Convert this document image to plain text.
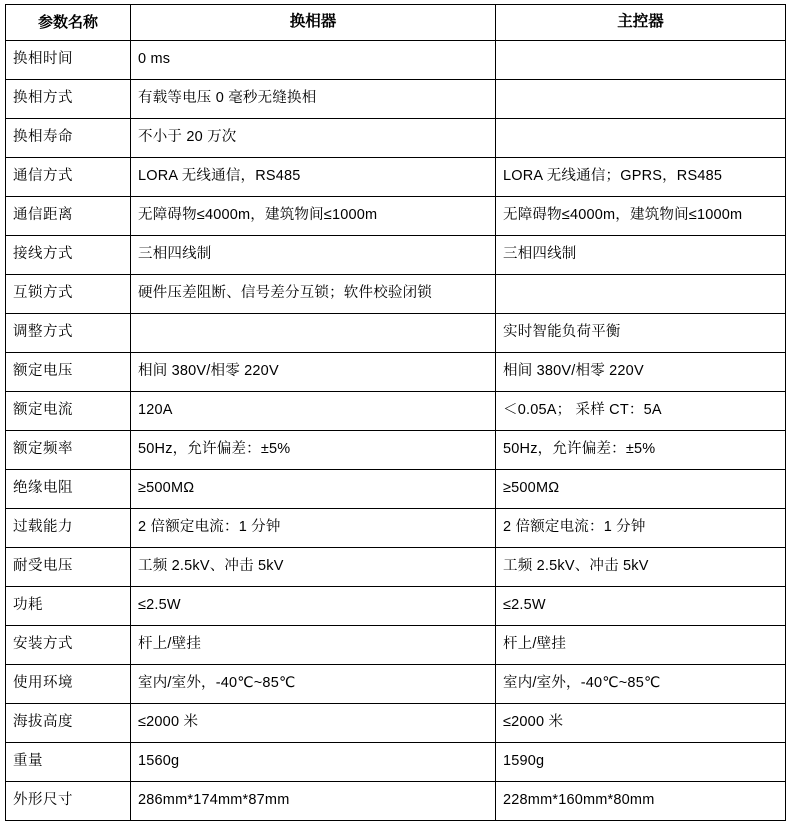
参数名称	换相器	主控器
换相时间	0 ms	
换相方式	有载等电压 0 毫秒无缝换相	
换相寿命	不小于 20 万次	
通信方式	LORA 无线通信，RS485	LORA 无线通信；GPRS，RS485
通信距离	无障碍物≤4000m，建筑物间≤1000m	无障碍物≤4000m，建筑物间≤1000m
接线方式	三相四线制	三相四线制
互锁方式	硬件压差阻断、信号差分互锁；软件校验闭锁	
调整方式		实时智能负荷平衡
额定电压	相间 380V/相零 220V	相间 380V/相零 220V
额定电流	120A	＜0.05A； 采样 CT：5A
额定频率	50Hz，允许偏差：±5%	50Hz，允许偏差：±5%
绝缘电阻	≥500MΩ	≥500MΩ
过载能力	2 倍额定电流：1 分钟	2 倍额定电流：1 分钟
耐受电压	工频 2.5kV、冲击 5kV	工频 2.5kV、冲击 5kV
功耗	≤2.5W	≤2.5W
安装方式	杆上/壁挂	杆上/壁挂
使用环境	室内/室外，-40℃~85℃	室内/室外，-40℃~85℃
海拔高度	≤2000 米	≤2000 米
重量	1560g	1590g
外形尺寸	286mm*174mm*87mm	228mm*160mm*80mm
